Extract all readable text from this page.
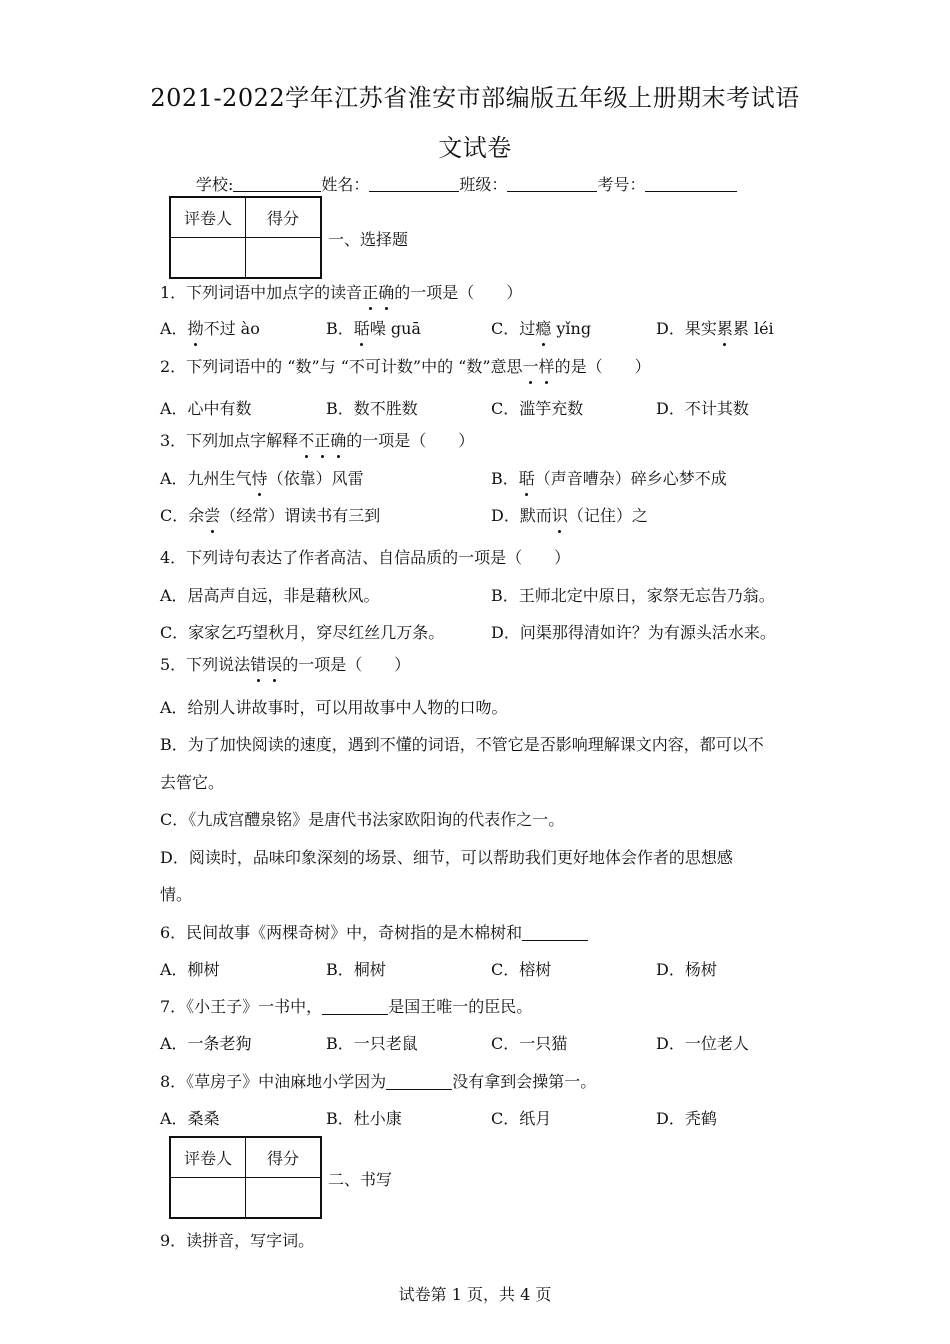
2021-2022学年江苏省淮安市部编版五年级上册期末考试语
文试卷
学校:	姓名：	班级：	考号：
评卷人	得分

一、选择题
1．下列词语中加点字的读音正确的一项是（　　）
A．拗不过 ào	B．聒噪 guā	C．过瘾 yǐng	D．果实累累 léi
2．下列词语中的 “数”与 “不可计数”中的 “数”意思一样的是（　　）
A．心中有数	B．数不胜数	C．滥竽充数	D．不计其数
3．下列加点字解释不正确的一项是（　　）
A．九州生气恃（依靠）风雷	B．聒（声音嘈杂）碎乡心梦不成
C．余尝（经常）谓读书有三到	D．默而识（记住）之
4．下列诗句表达了作者高洁、自信品质的一项是（　　）
A．居高声自远，非是藉秋风。	B．王师北定中原日，家祭无忘告乃翁。
C．家家乞巧望秋月，穿尽红丝几万条。	D．问渠那得清如许？为有源头活水来。
5．下列说法错误的一项是（　　）
A．给别人讲故事时，可以用故事中人物的口吻。
B．为了加快阅读的速度，遇到不懂的词语，不管它是否影响理解课文内容，都可以不
去管它。
C．《九成宫醴泉铭》是唐代书法家欧阳询的代表作之一。
D．阅读时，品味印象深刻的场景、细节，可以帮助我们更好地体会作者的思想感
情。
6．民间故事《两棵奇树》中，奇树指的是木棉树和
A．柳树	B．桐树	C．榕树	D．杨树
7．《小王子》一书中，	是国王唯一的臣民。
A．一条老狗	B．一只老鼠	C．一只猫	D．一位老人
8．《草房子》中油麻地小学因为	没有拿到会操第一。
A．桑桑	B．杜小康	C．纸月	D．秃鹤
评卷人	得分

二、书写
9．读拼音，写字词。
试卷第 1 页，共 4 页
